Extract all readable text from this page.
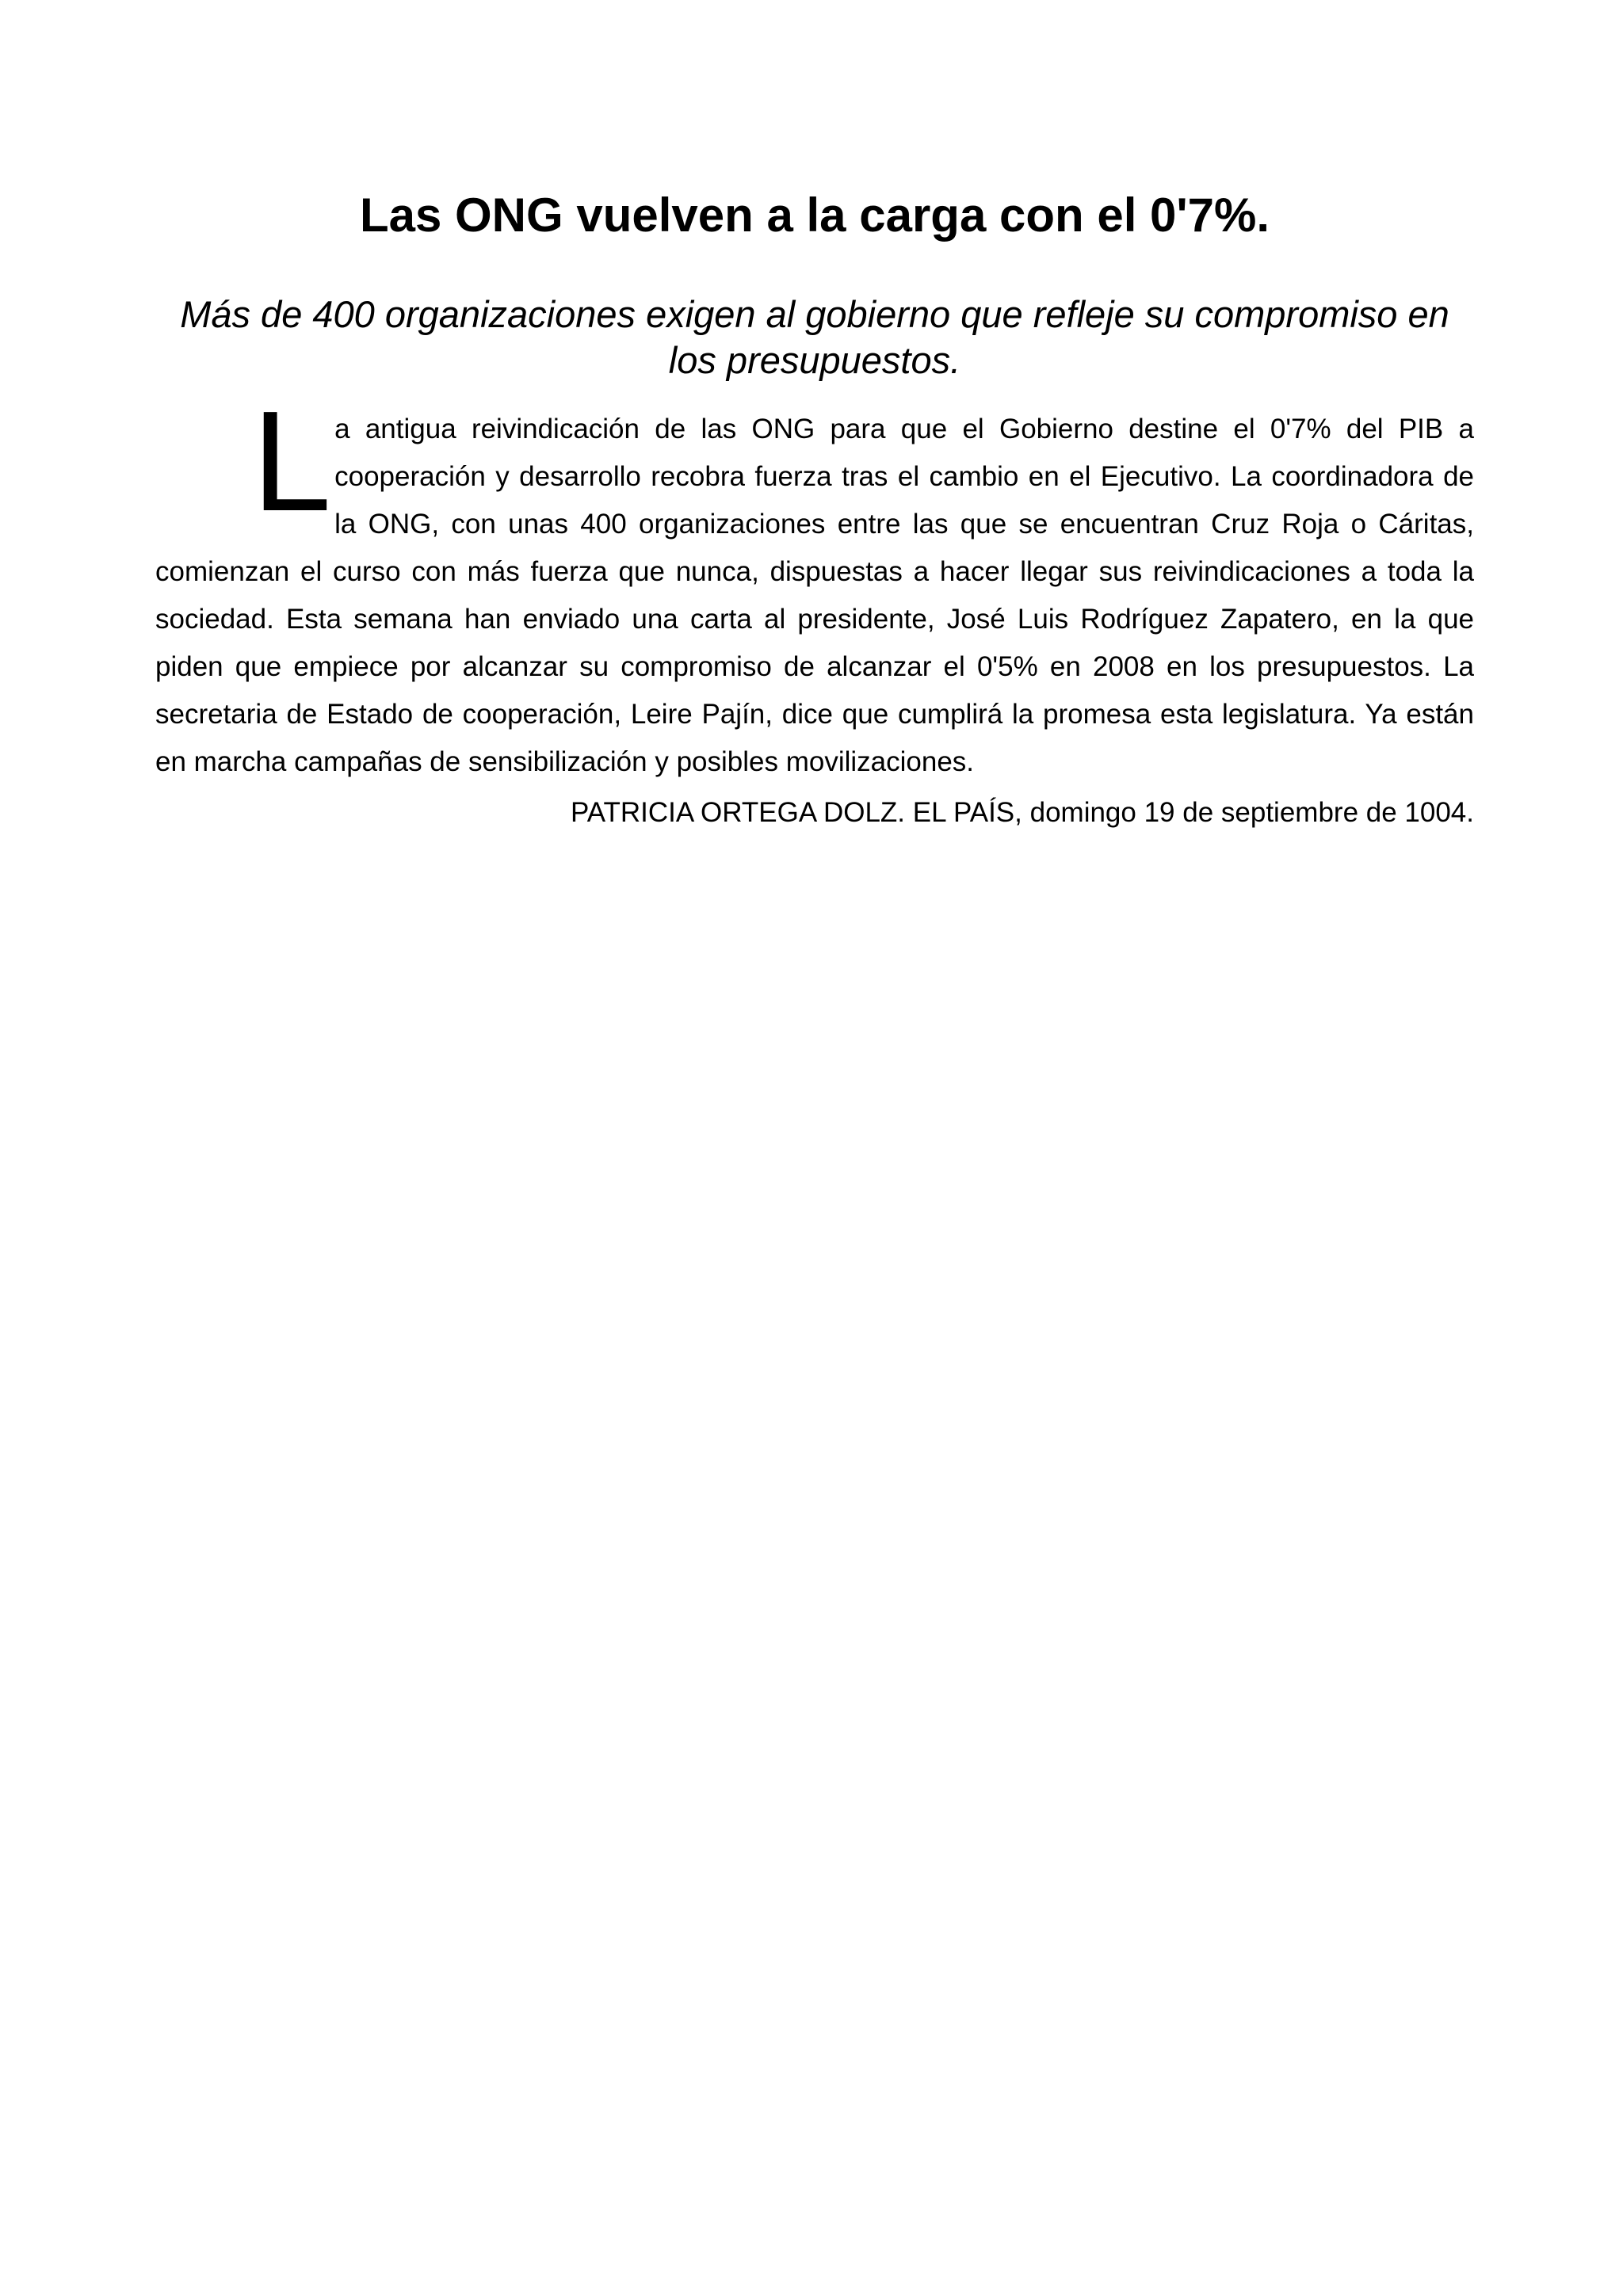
Las ONG vuelven a la carga con el 0'7%.
Más de 400 organizaciones exigen al gobierno que refleje su compromiso en los presupuestos.

La antigua reivindicación de las ONG para que el Gobierno destine el 0'7% del PIB a cooperación y desarrollo recobra fuerza tras el cambio en el Ejecutivo. La coordinadora de la ONG, con unas 400 organizaciones entre las que se encuentran Cruz Roja o Cáritas, comienzan el curso con más fuerza que nunca, dispuestas a hacer llegar sus reivindicaciones a toda la sociedad. Esta semana han enviado una carta al presidente, José Luis Rodríguez Zapatero, en la que piden que empiece por alcanzar su compromiso de alcanzar el 0'5% en 2008 en los presupuestos. La secretaria de Estado de cooperación, Leire Pajín, dice que cumplirá la promesa esta legislatura. Ya están en marcha campañas de sensibilización y posibles movilizaciones.

PATRICIA ORTEGA DOLZ. EL PAÍS, domingo 19 de septiembre de 1004.
